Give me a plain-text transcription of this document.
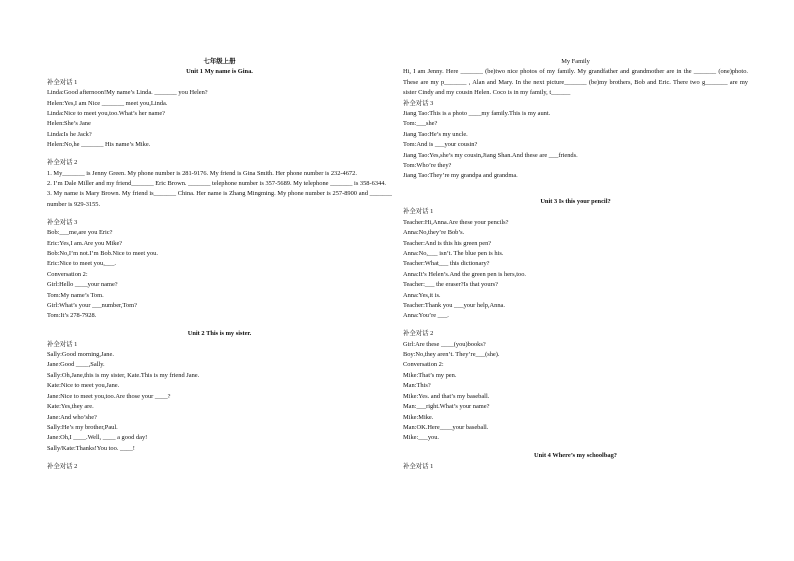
七年级上册
Unit 1 My name is Gina.
补全对话 1
Linda:Good afternoon!My name’s Linda. _______ you Helen?
Helen:Yes,I am Nice _______ meet you,Linda.
Linda:Nice to meet you,too.What’s her name?
Helen:She’s Jane
Linda:Is he Jack?
Helen:No,he _______ His name’s Mike.
补全对话 2
1. My_______ is Jenny Green. My phone number is 281-9176. My friend is Gina Smith. Her phone number is 232-4672.
2. I’m Dale Miller and my friend_______ Eric Brown. _______ telephone number is 357-5689. My telephone _______ is 358-6344.
3. My name is Mary Brown. My friend is_______ China. Her name is Zhang Mingming. My phone number is 257-8900 and _______ number is 929-3155.
补全对话 3
Bob:___me,are you Eric?
Eric:Yes,I am.Are you Mike?
Bob:No,I’m not.I’m Bob.Nice to meet you.
Eric:Nice to meet you,___.
Conversation 2:
Girl:Hello ____your name?
Tom:My name’s Tom.
Girl:What’s your ___number,Tom?
Tom:It’s 278-7928.
Unit 2 This is my sister.
补全对话 1
Sally:Good morning,Jane.
Jane:Good ____,Sally.
Sally:Oh,Jane,this is my sister, Kate.This is my friend Jane.
Kate:Nice to meet you,Jane.
Jane:Nice to meet you,too.Are those your ____?
Kate:Yes,they are.
Jane:And who’she?
Sally:He’s my brother,Paul.
Jane:Oh,I ____.Well, ____ a good day!
Sally/Kate:Thanks!You too. ____!
补全对话 2
My Family
Hi, I am Jenny. Here _______ (be)two nice photos of my family. My grandfather and grandmother are in the _______ (one)photo. These are my p_______ , Alan and Mary. In the next picture_______ (be)my brothers, Bob and Eric. There two g_______ are my sister Cindy and my cousin Helen. Coco is in my family, t______
补全对话 3
Jiang Tao:This is a photo ____my family.This is my aunt.
Tom:___she?
Jiang Tao:He’s my uncle.
Tom:And is ___your cousin?
Jiang Tao:Yes,she’s my cousin,Jiang Shan.And these are ___friends.
Tom:Who’re they?
Jiang Tao:They’re my grandpa and grandma.
Unit 3 Is this your pencil?
补全对话 1
Teacher:Hi,Anna.Are these your pencils?
Anna:No,they’re Bob’s.
Teacher:And is this his green pen?
Anna:No,___ isn’t. The blue pen is his.
Teacher:What___ this dictionary?
Anna:It’s Helen’s.And the green pen is hers,too.
Teacher:___ the eraser?Is that yours?
Anna:Yes,it is.
Teacher:Thank you ___your help,Anna.
Anna:You’re ___.
补全对话 2
Girl:Are these ____(you)books?
Boy:No,they aren’t. They’re___(she).
Conversation 2:
Mike:That’s my pen.
Man:This?
Mike:Yes. and that’s my baseball.
Man:___right.What’s your name?
Mike:Mike.
Man:OK.Here____your baseball.
Mike:___you.
Unit 4 Where’s my schoolbag?
补全对话 1
